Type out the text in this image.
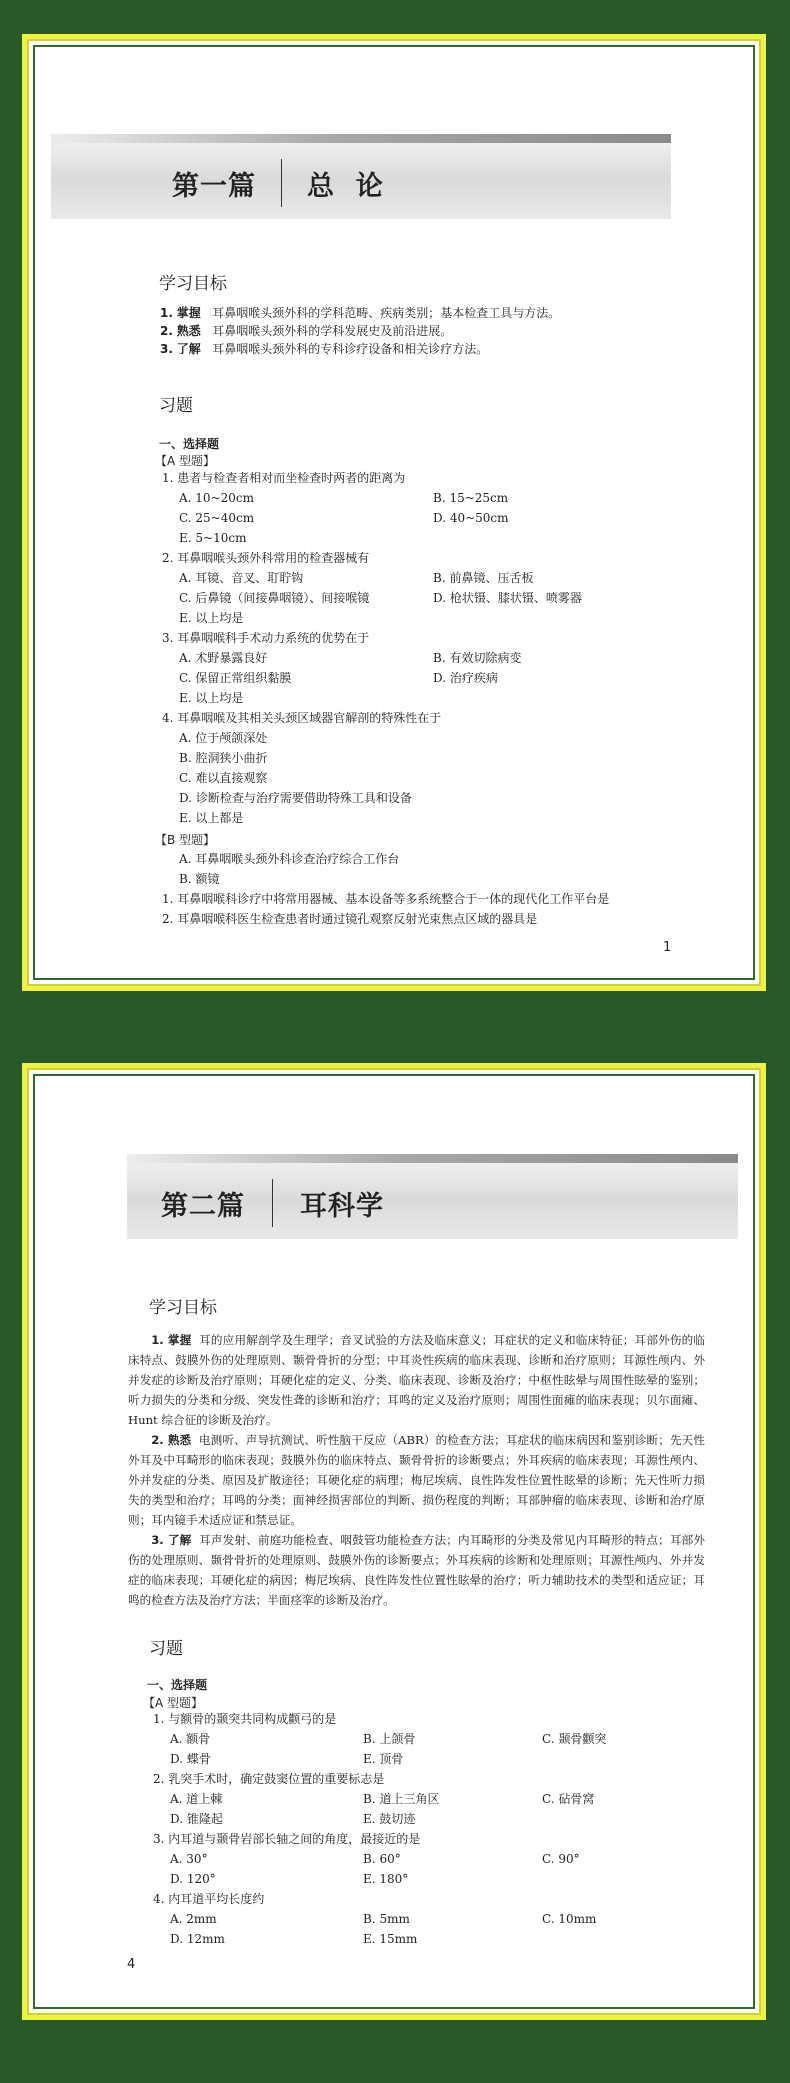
第一篇 总  论
学习目标
1. 掌握 耳鼻咽喉头颈外科的学科范畴、疾病类别；基本检查工具与方法。
2. 熟悉 耳鼻咽喉头颈外科的学科发展史及前沿进展。
3. 了解 耳鼻咽喉头颈外科的专科诊疗设备和相关诊疗方法。
习题
一、选择题
【A 型题】
1. 患者与检查者相对而坐检查时两者的距离为
A. 10~20cm	B. 15~25cm
C. 25~40cm	D. 40~50cm
E. 5~10cm
2. 耳鼻咽喉头颈外科常用的检查器械有
A. 耳镜、音叉、耵聍钩	B. 前鼻镜、压舌板
C. 后鼻镜（间接鼻咽镜）、间接喉镜	D. 枪状镊、膝状镊、喷雾器
E. 以上均是
3. 耳鼻咽喉科手术动力系统的优势在于
A. 术野暴露良好	B. 有效切除病变
C. 保留正常组织黏膜	D. 治疗疾病
E. 以上均是
4. 耳鼻咽喉及其相关头颈区域器官解剖的特殊性在于
A. 位于颅颌深处
B. 腔洞狭小曲折
C. 难以直接观察
D. 诊断检查与治疗需要借助特殊工具和设备
E. 以上都是
【B 型题】
A. 耳鼻咽喉头颈外科诊查治疗综合工作台
B. 额镜
1. 耳鼻咽喉科诊疗中将常用器械、基本设备等多系统整合于一体的现代化工作平台是
2. 耳鼻咽喉科医生检查患者时通过镜孔观察反射光束焦点区域的器具是
1
第二篇 耳科学
学习目标
1. 掌握 耳的应用解剖学及生理学；音叉试验的方法及临床意义；耳症状的定义和临床特征；耳部外伤的临床特点、鼓膜外伤的处理原则、颞骨骨折的分型；中耳炎性疾病的临床表现、诊断和治疗原则；耳源性颅内、外并发症的诊断及治疗原则；耳硬化症的定义、分类、临床表现、诊断及治疗；中枢性眩晕与周围性眩晕的鉴别；听力损失的分类和分级、突发性聋的诊断和治疗；耳鸣的定义及治疗原则；周围性面瘫的临床表现；贝尔面瘫、Hunt 综合征的诊断及治疗。
2. 熟悉 电测听、声导抗测试、听性脑干反应（ABR）的检查方法；耳症状的临床病因和鉴别诊断；先天性外耳及中耳畸形的临床表现；鼓膜外伤的临床特点、颞骨骨折的诊断要点；外耳疾病的临床表现；耳源性颅内、外并发症的分类、原因及扩散途径；耳硬化症的病理；梅尼埃病、良性阵发性位置性眩晕的诊断；先天性听力损失的类型和治疗；耳鸣的分类；面神经损害部位的判断、损伤程度的判断；耳部肿瘤的临床表现、诊断和治疗原则；耳内镜手术适应证和禁忌证。
3. 了解 耳声发射、前庭功能检查、咽鼓管功能检查方法；内耳畸形的分类及常见内耳畸形的特点；耳部外伤的处理原则、颞骨骨折的处理原则、鼓膜外伤的诊断要点；外耳疾病的诊断和处理原则；耳源性颅内、外并发症的临床表现；耳硬化症的病因；梅尼埃病、良性阵发性位置性眩晕的治疗；听力辅助技术的类型和适应证；耳鸣的检查方法及治疗方法；半面痉挛的诊断及治疗。
习题
一、选择题
【A 型题】
1. 与额骨的颞突共同构成颧弓的是
A. 额骨	B. 上颌骨	C. 颞骨颧突
D. 蝶骨	E. 顶骨
2. 乳突手术时，确定鼓窦位置的重要标志是
A. 道上棘	B. 道上三角区	C. 砧骨窝
D. 锥隆起	E. 鼓切迹
3. 内耳道与颞骨岩部长轴之间的角度，最接近的是
A. 30°	B. 60°	C. 90°
D. 120°	E. 180°
4. 内耳道平均长度约
A. 2mm	B. 5mm	C. 10mm
D. 12mm	E. 15mm
4
